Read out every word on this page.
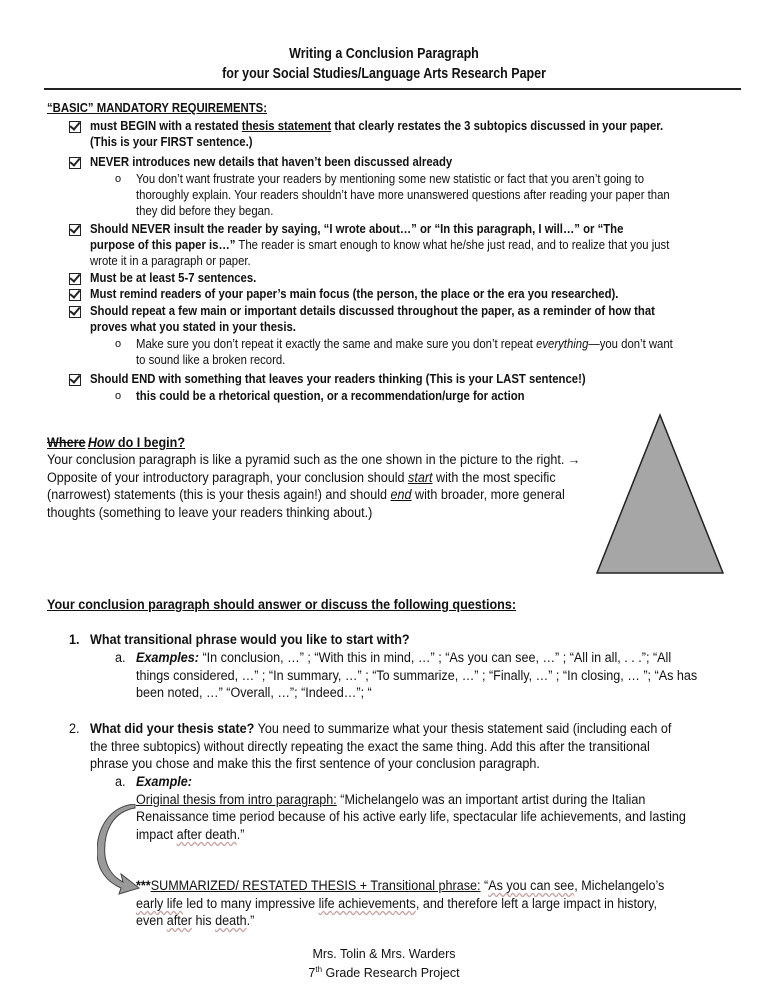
Writing a Conclusion Paragraph
for your Social Studies/Language Arts Research Paper
“BASIC” MANDATORY REQUIREMENTS:
must BEGIN with a restated thesis statement that clearly restates the 3 subtopics discussed in your paper.
(This is your FIRST sentence.)
NEVER introduces new details that haven’t been discussed already
o You don’t want frustrate your readers by mentioning some new statistic or fact that you aren’t going to
thoroughly explain. Your readers shouldn’t have more unanswered questions after reading your paper than
they did before they began.
Should NEVER insult the reader by saying, “I wrote about…” or “In this paragraph, I will…” or “The
purpose of this paper is…” The reader is smart enough to know what he/she just read, and to realize that you just
wrote it in a paragraph or paper.
Must be at least 5-7 sentences.
Must remind readers of your paper’s main focus (the person, the place or the era you researched).
Should repeat a few main or important details discussed throughout the paper, as a reminder of how that
proves what you stated in your thesis.
o Make sure you don’t repeat it exactly the same and make sure you don’t repeat everything—you don’t want
to sound like a broken record.
Should END with something that leaves your readers thinking (This is your LAST sentence!)
o this could be a rhetorical question, or a recommendation/urge for action
Where How do I begin?
Your conclusion paragraph is like a pyramid such as the one shown in the picture to the right. →
Opposite of your introductory paragraph, your conclusion should start with the most specific
(narrowest) statements (this is your thesis again!) and should end with broader, more general
thoughts (something to leave your readers thinking about.)
Your conclusion paragraph should answer or discuss the following questions:
1. What transitional phrase would you like to start with?
a. Examples: “In conclusion, …” ; “With this in mind, …” ; “As you can see, …” ; “All in all, . . .”; “All
things considered, …” ; “In summary, …” ; “To summarize, …” ; “Finally, …” ; “In closing, … ”; “As has
been noted, …” “Overall, …”; “Indeed…”; “
2. What did your thesis state? You need to summarize what your thesis statement said (including each of
the three subtopics) without directly repeating the exact the same thing. Add this after the transitional
phrase you chose and make this the first sentence of your conclusion paragraph.
a. Example:
Original thesis from intro paragraph: “Michelangelo was an important artist during the Italian
Renaissance time period because of his active early life, spectacular life achievements, and lasting
impact after death.”
***SUMMARIZED/ RESTATED THESIS + Transitional phrase: “As you can see, Michelangelo’s
early life led to many impressive life achievements, and therefore left a large impact in history,
even after his death.”
Mrs. Tolin & Mrs. Warders
7th Grade Research Project
